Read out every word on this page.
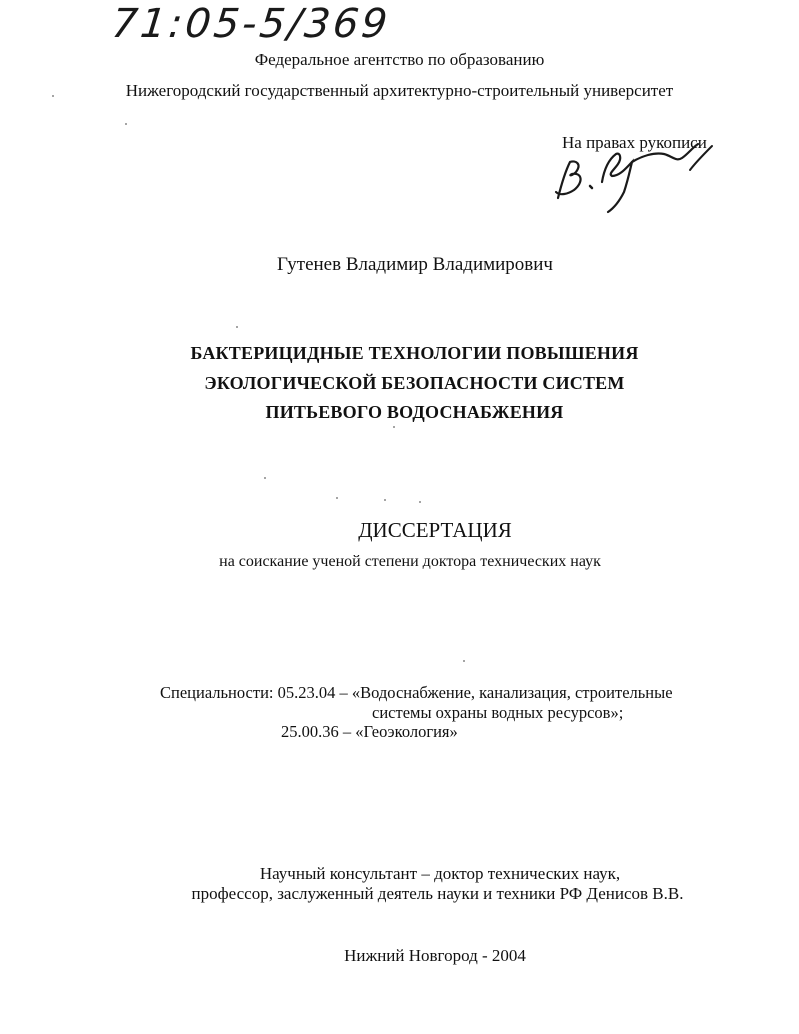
71:05-5/369
Федеральное агентство по образованию
Нижегородский государственный архитектурно-строительный университет
На правах рукописи
Гутенев Владимир Владимирович
БАКТЕРИЦИДНЫЕ ТЕХНОЛОГИИ ПОВЫШЕНИЯ
ЭКОЛОГИЧЕСКОЙ БЕЗОПАСНОСТИ СИСТЕМ
ПИТЬЕВОГО ВОДОСНАБЖЕНИЯ
ДИССЕРТАЦИЯ
на соискание ученой степени доктора технических наук
Специальности: 05.23.04 – «Водоснабжение, канализация, строительные
системы охраны водных ресурсов»;
25.00.36 – «Геоэкология»
Научный консультант – доктор технических наук,
профессор, заслуженный деятель науки и техники РФ Денисов В.В.
Нижний Новгород - 2004
